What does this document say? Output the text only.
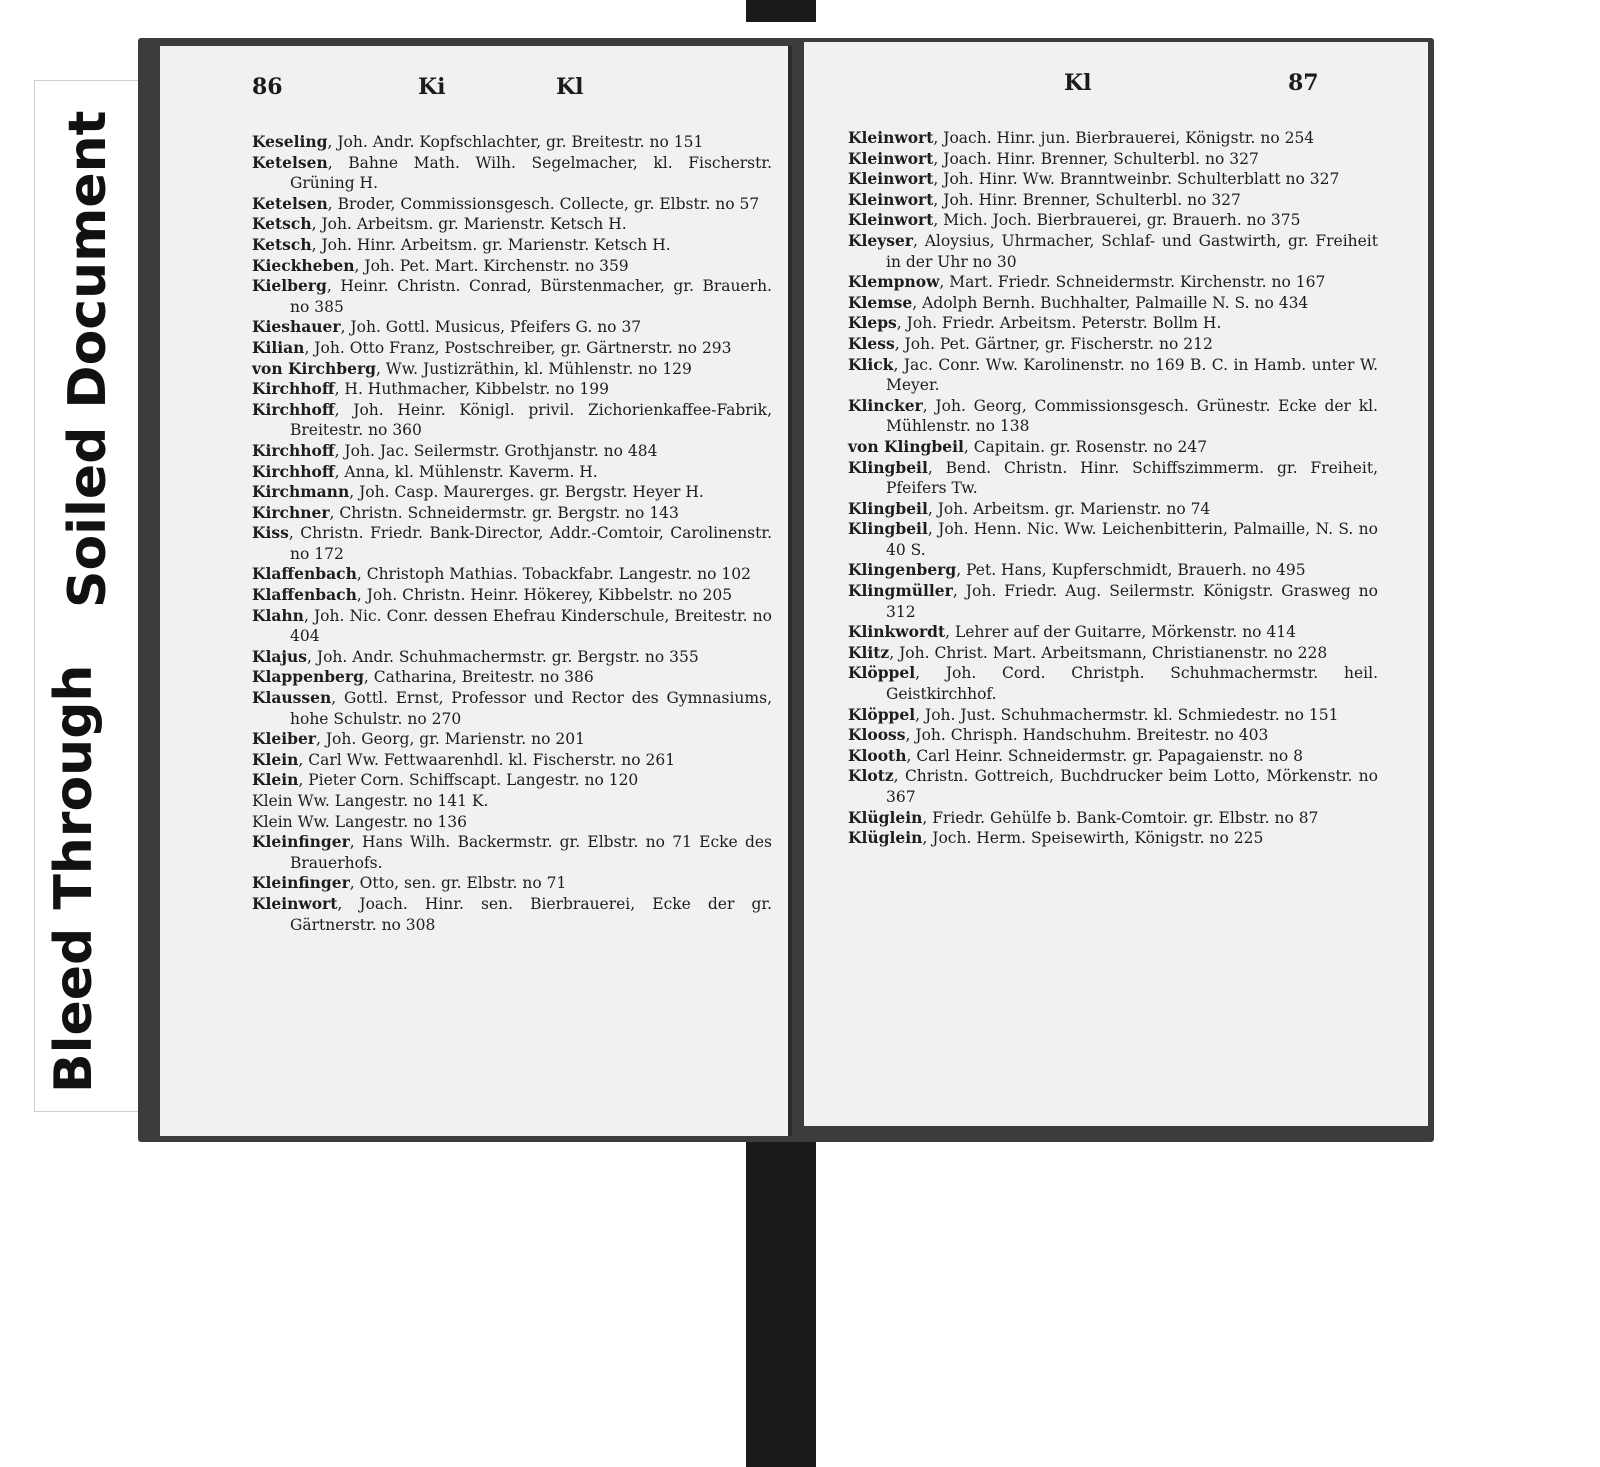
Soiled Document
Bleed Through
86	Ki	Kl
Keseling, Joh. Andr. Kopfschlachter, gr. Breitestr. no 151
Ketelsen, Bahne Math. Wilh. Segelmacher, kl. Fischerstr. Grüning H.
Ketelsen, Broder, Commissionsgesch. Collecte, gr. Elbstr. no 57
Ketsch, Joh. Arbeitsm. gr. Marienstr. Ketsch H.
Ketsch, Joh. Hinr. Arbeitsm. gr. Marienstr. Ketsch H.
Kieckheben, Joh. Pet. Mart. Kirchenstr. no 359
Kielberg, Heinr. Christn. Conrad, Bürstenmacher, gr. Brauerh. no 385
Kieshauer, Joh. Gottl. Musicus, Pfeifers G. no 37
Kilian, Joh. Otto Franz, Postschreiber, gr. Gärtnerstr. no 293
von Kirchberg, Ww. Justizräthin, kl. Mühlenstr. no 129
Kirchhoff, H. Huthmacher, Kibbelstr. no 199
Kirchhoff, Joh. Heinr. Königl. privil. Zichorienkaffee-Fabrik, Breitestr. no 360
Kirchhoff, Joh. Jac. Seilermstr. Grothjanstr. no 484
Kirchhoff, Anna, kl. Mühlenstr. Kaverm. H.
Kirchmann, Joh. Casp. Maurerges. gr. Bergstr. Heyer H.
Kirchner, Christn. Schneidermstr. gr. Bergstr. no 143
Kiss, Christn. Friedr. Bank-Director, Addr.-Comtoir, Carolinenstr. no 172
Klaffenbach, Christoph Mathias. Tobackfabr. Langestr. no 102
Klaffenbach, Joh. Christn. Heinr. Hökerey, Kibbelstr. no 205
Klahn, Joh. Nic. Conr. dessen Ehefrau Kinderschule, Breitestr. no 404
Klajus, Joh. Andr. Schuhmachermstr. gr. Bergstr. no 355
Klappenberg, Catharina, Breitestr. no 386
Klaussen, Gottl. Ernst, Professor und Rector des Gymnasiums, hohe Schulstr. no 270
Kleiber, Joh. Georg, gr. Marienstr. no 201
Klein, Carl Ww. Fettwaarenhdl. kl. Fischerstr. no 261
Klein, Pieter Corn. Schiffscapt. Langestr. no 120
Klein Ww. Langestr. no 141 K.
Klein Ww. Langestr. no 136
Kleinfinger, Hans Wilh. Backermstr. gr. Elbstr. no 71 Ecke des Brauerhofs.
Kleinfinger, Otto, sen. gr. Elbstr. no 71
Kleinwort, Joach. Hinr. sen. Bierbrauerei, Ecke der gr. Gärtnerstr. no 308
Kl	87
Kleinwort, Joach. Hinr. jun. Bierbrauerei, Königstr. no 254
Kleinwort, Joach. Hinr. Brenner, Schulterbl. no 327
Kleinwort, Joh. Hinr. Ww. Branntweinbr. Schulterblatt no 327
Kleinwort, Joh. Hinr. Brenner, Schulterbl. no 327
Kleinwort, Mich. Joch. Bierbrauerei, gr. Brauerh. no 375
Kleyser, Aloysius, Uhrmacher, Schlaf- und Gastwirth, gr. Freiheit in der Uhr no 30
Klempnow, Mart. Friedr. Schneidermstr. Kirchenstr. no 167
Klemse, Adolph Bernh. Buchhalter, Palmaille N. S. no 434
Kleps, Joh. Friedr. Arbeitsm. Peterstr. Bollm H.
Kless, Joh. Pet. Gärtner, gr. Fischerstr. no 212
Klick, Jac. Conr. Ww. Karolinenstr. no 169 B. C. in Hamb. unter W. Meyer.
Klincker, Joh. Georg, Commissionsgesch. Grünestr. Ecke der kl. Mühlenstr. no 138
von Klingbeil, Capitain. gr. Rosenstr. no 247
Klingbeil, Bend. Christn. Hinr. Schiffszimmerm. gr. Freiheit, Pfeifers Tw.
Klingbeil, Joh. Arbeitsm. gr. Marienstr. no 74
Klingbeil, Joh. Henn. Nic. Ww. Leichenbitterin, Palmaille, N. S. no 40 S.
Klingenberg, Pet. Hans, Kupferschmidt, Brauerh. no 495
Klingmüller, Joh. Friedr. Aug. Seilermstr. Königstr. Grasweg no 312
Klinkwordt, Lehrer auf der Guitarre, Mörkenstr. no 414
Klitz, Joh. Christ. Mart. Arbeitsmann, Christianenstr. no 228
Klöppel, Joh. Cord. Christph. Schuhmachermstr. heil. Geistkirchhof.
Klöppel, Joh. Just. Schuhmachermstr. kl. Schmiedestr. no 151
Klooss, Joh. Chrisph. Handschuhm. Breitestr. no 403
Klooth, Carl Heinr. Schneidermstr. gr. Papagaienstr. no 8
Klotz, Christn. Gottreich, Buchdrucker beim Lotto, Mörkenstr. no 367
Klüglein, Friedr. Gehülfe b. Bank-Comtoir. gr. Elbstr. no 87
Klüglein, Joch. Herm. Speisewirth, Königstr. no 225
